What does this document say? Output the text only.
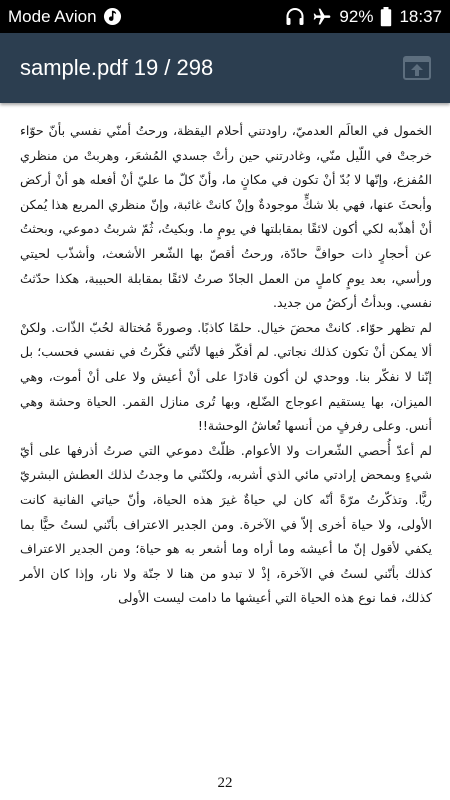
Mode Avion	92% 18:37
sample.pdf 19 / 298
الخمول في العالَم العدميّ، راودتني أحلام اليقظة، ورحتُ أمنّي نفسي بأنّ حوّاء خرجتْ في اللّيل منّي، وغادرتني حين رأتْ جسدي المُشعَر، وهربتْ من منظري المُفزع، وإنّها لا بُدّ أنْ تكون في مكانٍ ما، وأنّ كلّ ما عليّ أنْ أفعله هو أنْ أركض وأبحثَ عنها، فهي بلا شكٍّ موجودةٌ وإنْ كانتْ غائبة، وإنّ منظري المريع هذا يُمكن أنْ أهذّبه لكي أكون لائقًا بمقابلتها في يومٍ ما. وبكيتُ، ثُمّ شربتُ دموعي، وبحثتُ عن أحجارٍ ذات حوافَّ حادّة، ورحتُ أقصّ بها الشّعر الأشعث، وأشذّب لحيتي ورأسي، بعد يومٍ كاملٍ من العمل الجادّ صرتُ لائقًا بمقابلة الحبيبة، هكذا حدّثتُ نفسي. وبدأتُ أركضُ من جديد.
لم تظهر حوّاء. كانتْ محضَ خيال. حلمًا كاذبًا. وصورةً مُختالة لحُبّ الذّات. ولكنْ ألا يمكن أنْ تكون كذلك نجاتي. لم أفكّر فيها لأنّني فكّرتُ في نفسي فحسب؛ بل إنّنا لا نفكّر بنا. ووحدي لن أكون قادرًا على أنْ أعيش ولا على أنْ أموت، وهي الميزان، بها يستقيم اعوجاج الضّلع، وبها تُرى منازل القمر. الحياة وحشة وهي أنس. وعلى رفرفٍ من أنسها تُعاشُ الوحشة!!
لم أعدّ أُحصي الشّعرات ولا الأعوام. ظلّتْ دموعي التي صرتُ أذرفها على أيّ شيءٍ وبمحض إرادتي مائي الذي أشربه، ولكنّني ما وجدتُ لذلك العطش البشريّ ريًّا. وتذكّرتُ مرّةً أنّه كان لي حياةٌ غيرَ هذه الحياة، وأنّ حياتي الفانية كانت الأولى، ولا حياة أخرى إلاّ في الآخرة. ومن الجدير الاعتراف بأنّني لستُ حيًّا بما يكفي لأقول إنّ ما أعيشه وما أراه وما أشعر به هو حياة؛ ومن الجدير الاعتراف كذلك بأنّني لستُ في الآخرة، إذْ لا تبدو من هنا لا جنّة ولا نار، وإذا كان الأمر كذلك، فما نوع هذه الحياة التي أعيشها ما دامت ليست الأولى
22
